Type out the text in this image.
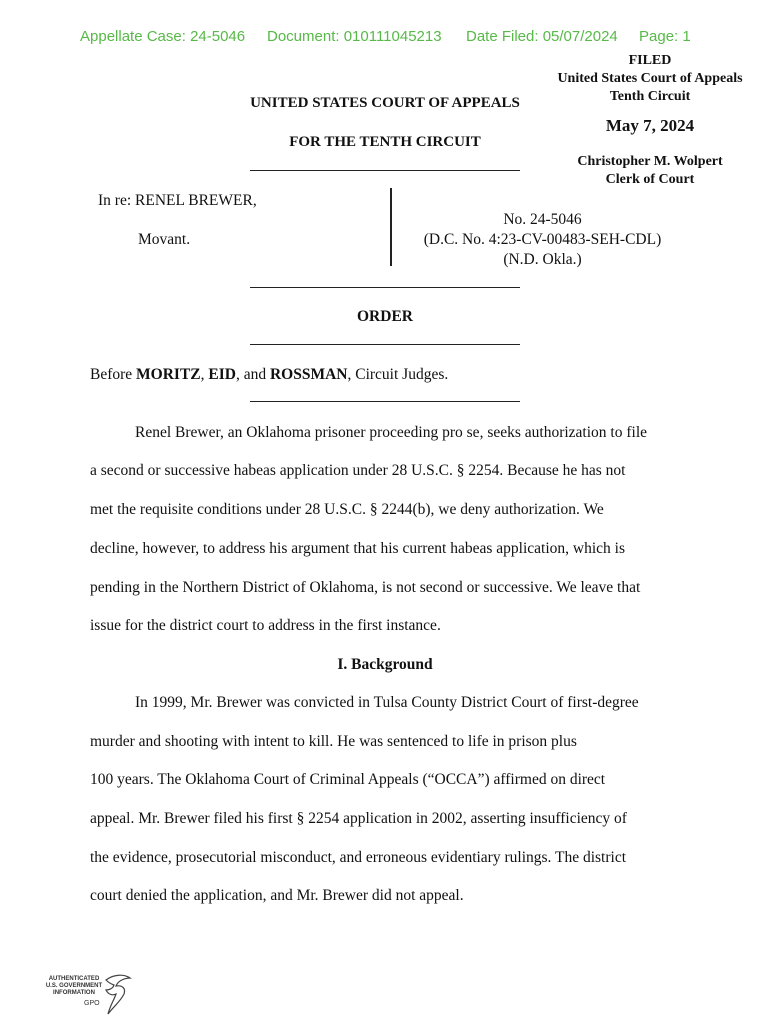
Appellate Case: 24-5046 Document: 010111045213 Date Filed: 05/07/2024 Page: 1
FILED
United States Court of Appeals
Tenth Circuit
May 7, 2024
Christopher M. Wolpert
Clerk of Court
UNITED STATES COURT OF APPEALS
FOR THE TENTH CIRCUIT
In re: RENEL BREWER,
Movant.
No. 24-5046
(D.C. No. 4:23-CV-00483-SEH-CDL)
(N.D. Okla.)
ORDER
Before MORITZ, EID, and ROSSMAN, Circuit Judges.
Renel Brewer, an Oklahoma prisoner proceeding pro se, seeks authorization to file
a second or successive habeas application under 28 U.S.C. § 2254. Because he has not
met the requisite conditions under 28 U.S.C. § 2244(b), we deny authorization. We
decline, however, to address his argument that his current habeas application, which is
pending in the Northern District of Oklahoma, is not second or successive. We leave that
issue for the district court to address in the first instance.
I. Background
In 1999, Mr. Brewer was convicted in Tulsa County District Court of first-degree
murder and shooting with intent to kill. He was sentenced to life in prison plus
100 years. The Oklahoma Court of Criminal Appeals (“OCCA”) affirmed on direct
appeal. Mr. Brewer filed his first § 2254 application in 2002, asserting insufficiency of
the evidence, prosecutorial misconduct, and erroneous evidentiary rulings. The district
court denied the application, and Mr. Brewer did not appeal.
AUTHENTICATED
U.S. GOVERNMENT
INFORMATION
GPO
